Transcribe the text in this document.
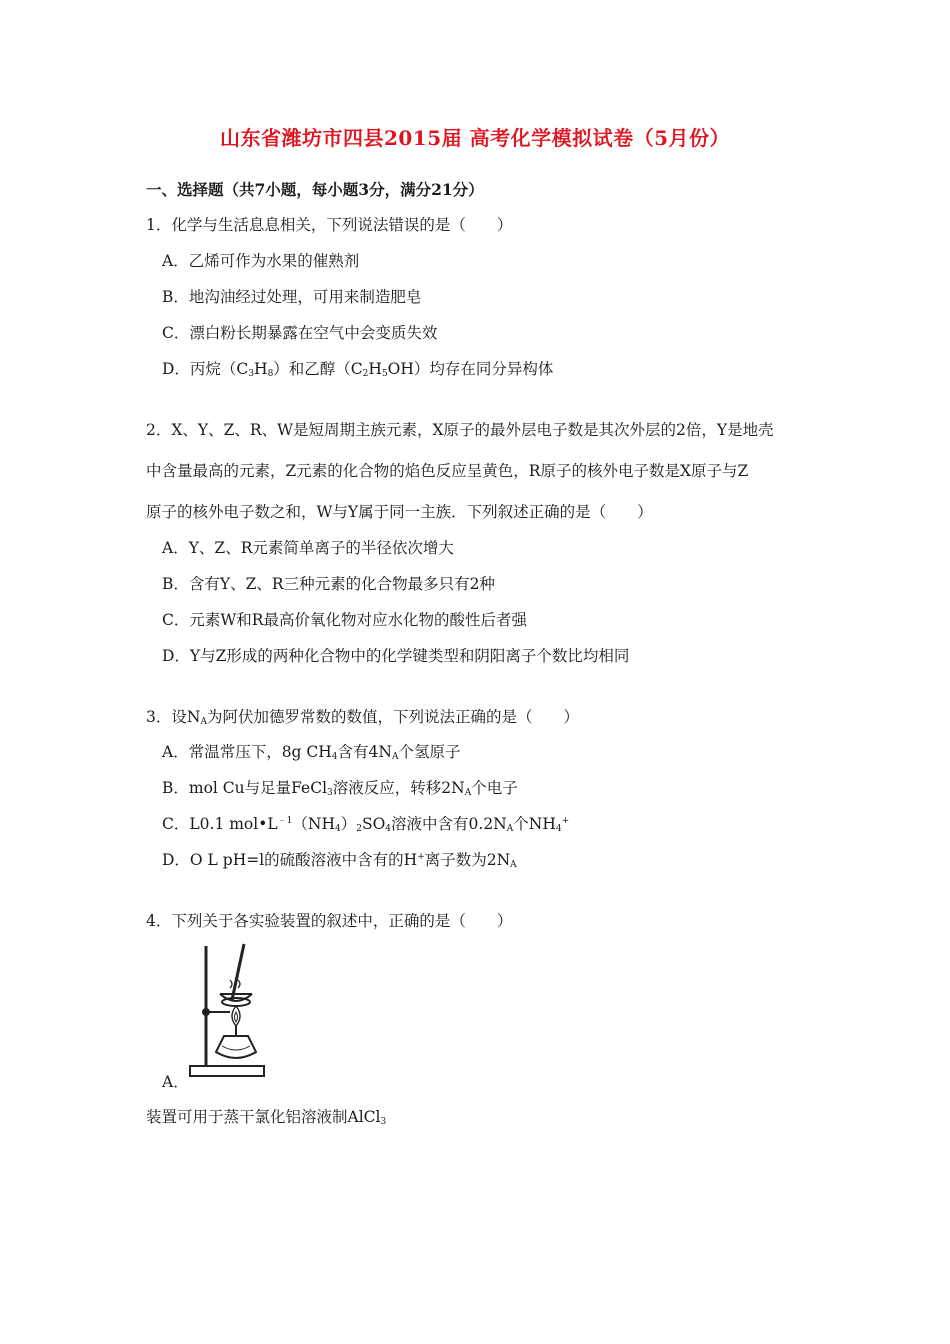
山东省潍坊市四县2015届 高考化学模拟试卷（5月份）
一、选择题（共7小题，每小题3分，满分21分）
1．化学与生活息息相关，下列说法错误的是（　　）
A．乙烯可作为水果的催熟剂
B．地沟油经过处理，可用来制造肥皂
C．漂白粉长期暴露在空气中会变质失效
D．丙烷$(C_3H_8)$和乙醇$(C_2H_5OH)$均存在同分异构体
2．X、Y、Z、R、W是短周期主族元素，X原子的最外层电子数是其次外层的2倍，Y是地壳
中含量最高的元素，Z元素的化合物的焰色反应呈黄色，R原子的核外电子数是X原子与Z
原子的核外电子数之和，W与Y属于同一主族．下列叙述正确的是（　　）
A．Y、Z、R元素简单离子的半径依次增大
B．含有Y、Z、R三种元素的化合物最多只有2种
C．元素W和R最高价氧化物对应水化物的酸性后者强
D．Y与Z形成的两种化合物中的化学键类型和阴阳离子个数比均相同
3．设$N_A$为阿伏加德罗常数的数值，下列说法正确的是（　　）
A．常温常压下，8g $CH_4$含有$4N_A$个氢原子
B．mol Cu与足量FeCl$_3$溶液反应，转移$2N_A$个电子
C．L0.1 $mol•L^{﹣1}(NH_4)_2SO_4$溶液中含有$0.2N_A$个$NH_4^+$
D．O L pH=l的硫酸溶液中含有的H+离子数为$2N_A$
4．下列关于各实验装置的叙述中，正确的是（　　）
A．
装置可用于蒸干氯化铝溶液制AlCl$_3$
